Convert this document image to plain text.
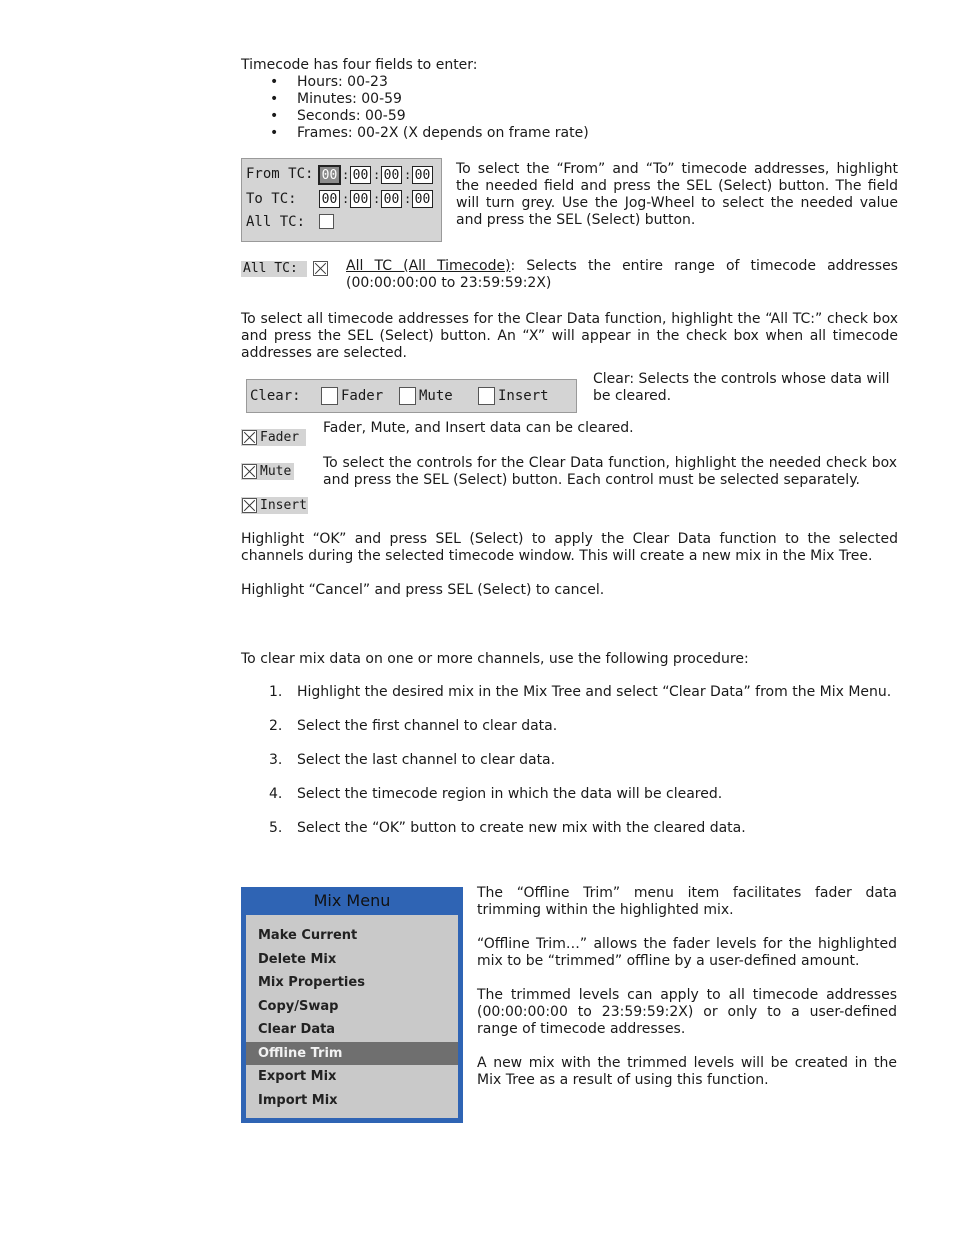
Timecode has four fields to enter:
• Hours: 00-23
• Minutes: 00-59
• Seconds: 00-59
• Frames: 00-2X (X depends on frame rate)
From TC: 00 : 00 : 00 : 00
To TC: 00 : 00 : 00 : 00
All TC:
To select the “From” and “To” timecode addresses, highlight the needed field and press the SEL (Select) button. The field will turn grey. Use the Jog-Wheel to select the needed value and press the SEL (Select) button.
All TC:	All TC (All Timecode): Selects the entire range of timecode addresses (00:00:00:00 to 23:59:59:2X)
To select all timecode addresses for the Clear Data function, highlight the “All TC:” check box and press the SEL (Select) button. An “X” will appear in the check box when all timecode addresses are selected.
Clear:	Fader	Mute	Insert
Clear: Selects the controls whose data will be cleared.
Fader
Mute
Insert
Fader, Mute, and Insert data can be cleared.
To select the controls for the Clear Data function, highlight the needed check box and press the SEL (Select) button. Each control must be selected separately.
Highlight “OK” and press SEL (Select) to apply the Clear Data function to the selected channels during the selected timecode window. This will create a new mix in the Mix Tree.
Highlight “Cancel” and press SEL (Select) to cancel.
To clear mix data on one or more channels, use the following procedure:
1. Highlight the desired mix in the Mix Tree and select “Clear Data” from the Mix Menu.
2. Select the first channel to clear data.
3. Select the last channel to clear data.
4. Select the timecode region in which the data will be cleared.
5. Select the “OK” button to create new mix with the cleared data.
Mix Menu
Make Current
Delete Mix
Mix Properties
Copy/Swap
Clear Data
Offline Trim
Export Mix
Import Mix
The “Offline Trim” menu item facilitates fader data trimming within the highlighted mix.
“Offline Trim…” allows the fader levels for the highlighted mix to be “trimmed” offline by a user-defined amount.
The trimmed levels can apply to all timecode addresses (00:00:00:00 to 23:59:59:2X) or only to a user-defined range of timecode addresses.
A new mix with the trimmed levels will be created in the Mix Tree as a result of using this function.
